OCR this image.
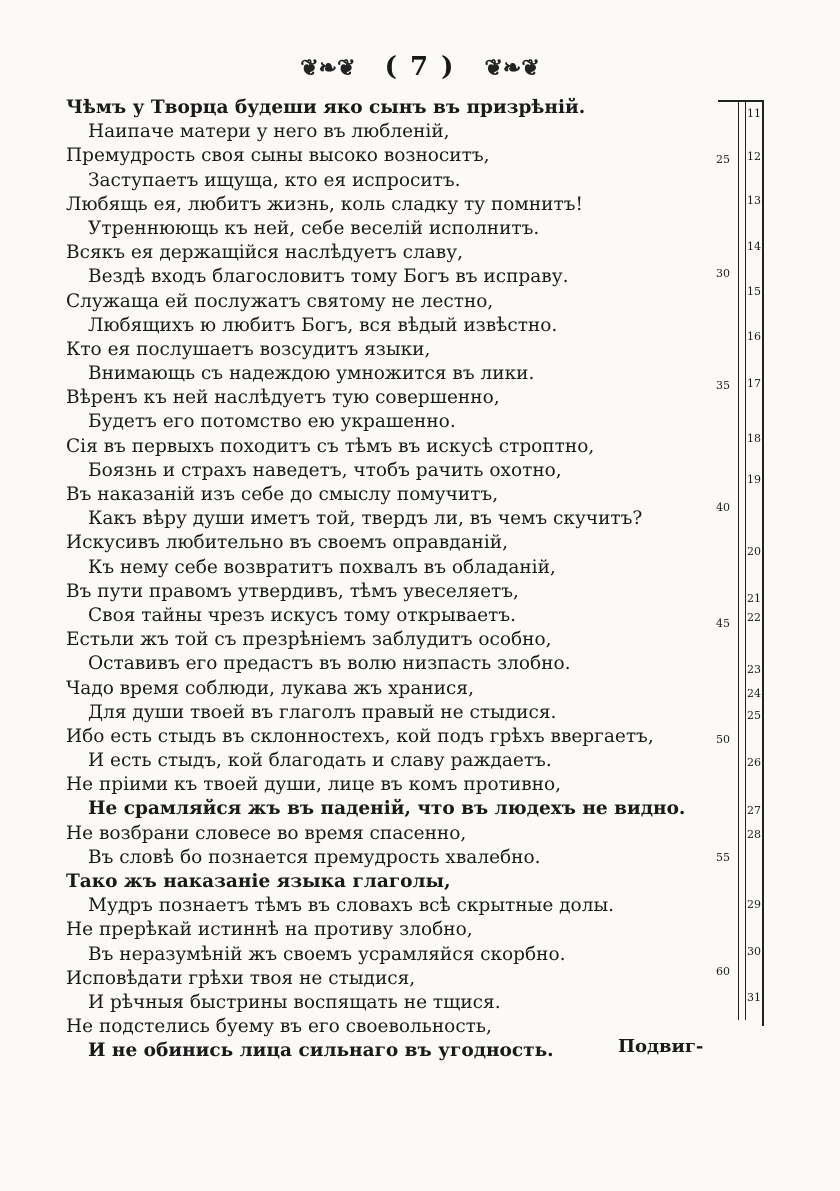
❦❧❦ ( 7 ) ❦❧❦
Чѣмъ у Творца будеши яко сынъ въ призрѣній.
Наипаче матери у него въ любленій,
Премудрость своя сыны высоко возноситъ,
Заступаетъ ищуща, кто ея испроситъ.
Любящь ея, любитъ жизнь, коль сладку ту помнитъ!
Утреннюющь къ ней, себе веселій исполнитъ.
Всякъ ея держащійся наслѣдуетъ славу,
Вездѣ входъ благословитъ тому Богъ въ исправу.
Служаща ей послужатъ святому не лестно,
Любящихъ ю любитъ Богъ, вся вѣдый извѣстно.
Кто ея послушаетъ возсудитъ языки,
Внимающь съ надеждою умножится въ лики.
Вѣренъ къ ней наслѣдуетъ тую совершенно,
Будетъ его потомство ею украшенно.
Сія въ первыхъ походитъ съ тѣмъ въ искусѣ строптно,
Боязнь и страхъ наведетъ, чтобъ рачить охотно,
Въ наказаній изъ себе до смыслу помучитъ,
Какъ вѣру души иметъ той, твердъ ли, въ чемъ скучитъ?
Искусивъ любительно въ своемъ оправданій,
Къ нему себе возвратитъ похвалъ въ обладаній,
Въ пути правомъ утвердивъ, тѣмъ увеселяетъ,
Своя тайны чрезъ искусъ тому открываетъ.
Естьли жъ той съ презрѣніемъ заблудитъ особно,
Оставивъ его предастъ въ волю низпасть злобно.
Чадо время соблюди, лукава жъ хранися,
Для души твоей въ глаголъ правый не стыдися.
Ибо есть стыдъ въ склонностехъ, кой подъ грѣхъ ввергаетъ,
И есть стыдъ, кой благодать и славу раждаетъ.
Не пріими къ твоей души, лице въ комъ противно,
Не срамляйся жъ въ паденій, что въ людехъ не видно.
Не возбрани словесе во время спасенно,
Въ словѣ бо познается премудрость хвалебно.
Тако жъ наказаніе языка глаголы,
Мудръ познаетъ тѣмъ въ словахъ всѣ скрытные долы.
Не прерѣкай истиннѣ на противу злобно,
Въ неразумѣній жъ своемъ усрамляйся скорбно.
Исповѣдати грѣхи твоя не стыдися,
И рѣчныя быстрины воспящать не тщися.
Не подстелись буему въ его своевольность,
И не обинись лица сильнаго въ угодность.
11
12
13
14
15
16
17
18
19
20
21
22
23
24
25
26
27
28
29
30
31
25
30
35
40
45
50
55
60
Подвиг-
